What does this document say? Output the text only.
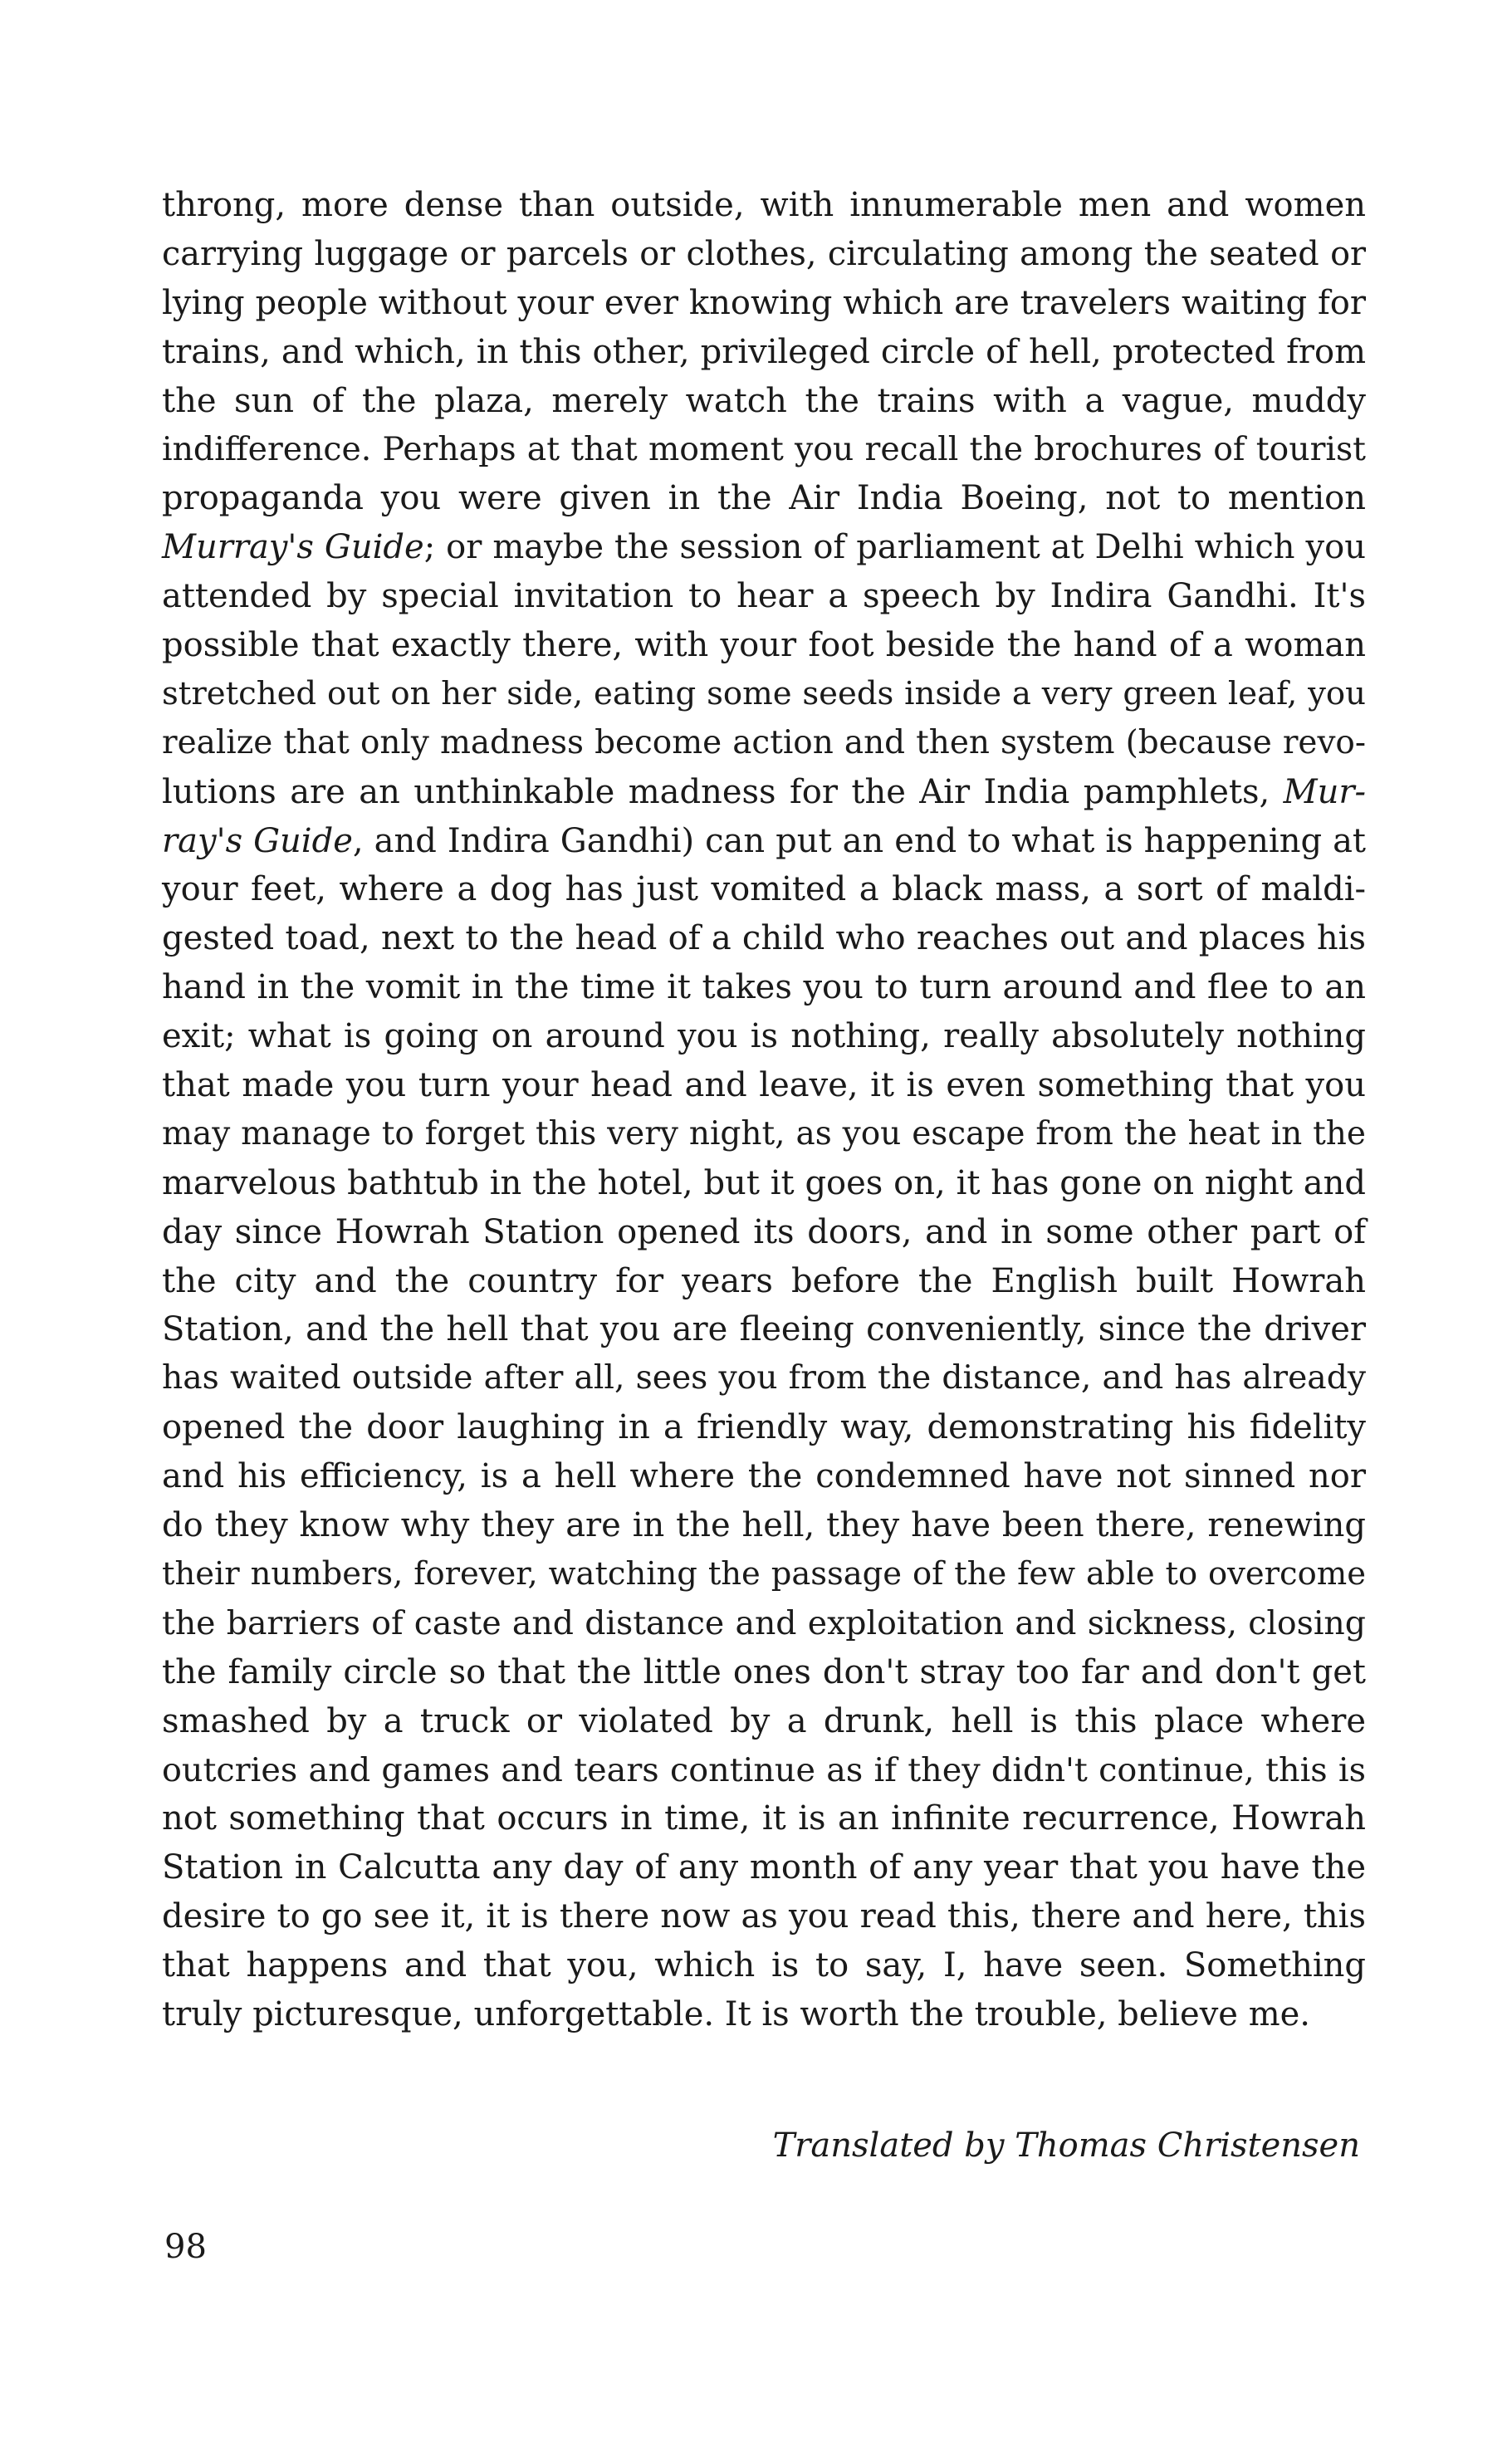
throng, more dense than outside, with innumerable men and women
carrying luggage or parcels or clothes, circulating among the seated or
lying people without your ever knowing which are travelers waiting for
trains, and which, in this other, privileged circle of hell, protected from
the sun of the plaza, merely watch the trains with a vague, muddy
indifference. Perhaps at that moment you recall the brochures of tourist
propaganda you were given in the Air India Boeing, not to mention
Murray's Guide; or maybe the session of parliament at Delhi which you
attended by special invitation to hear a speech by Indira Gandhi. It's
possible that exactly there, with your foot beside the hand of a woman
stretched out on her side, eating some seeds inside a very green leaf, you
realize that only madness become action and then system (because revo-
lutions are an unthinkable madness for the Air India pamphlets, Mur-
ray's Guide, and Indira Gandhi) can put an end to what is happening at
your feet, where a dog has just vomited a black mass, a sort of maldi-
gested toad, next to the head of a child who reaches out and places his
hand in the vomit in the time it takes you to turn around and flee to an
exit; what is going on around you is nothing, really absolutely nothing
that made you turn your head and leave, it is even something that you
may manage to forget this very night, as you escape from the heat in the
marvelous bathtub in the hotel, but it goes on, it has gone on night and
day since Howrah Station opened its doors, and in some other part of
the city and the country for years before the English built Howrah
Station, and the hell that you are fleeing conveniently, since the driver
has waited outside after all, sees you from the distance, and has already
opened the door laughing in a friendly way, demonstrating his fidelity
and his efficiency, is a hell where the condemned have not sinned nor
do they know why they are in the hell, they have been there, renewing
their numbers, forever, watching the passage of the few able to overcome
the barriers of caste and distance and exploitation and sickness, closing
the family circle so that the little ones don't stray too far and don't get
smashed by a truck or violated by a drunk, hell is this place where
outcries and games and tears continue as if they didn't continue, this is
not something that occurs in time, it is an infinite recurrence, Howrah
Station in Calcutta any day of any month of any year that you have the
desire to go see it, it is there now as you read this, there and here, this
that happens and that you, which is to say, I, have seen. Something
truly picturesque, unforgettable. It is worth the trouble, believe me.
Translated by Thomas Christensen
98
